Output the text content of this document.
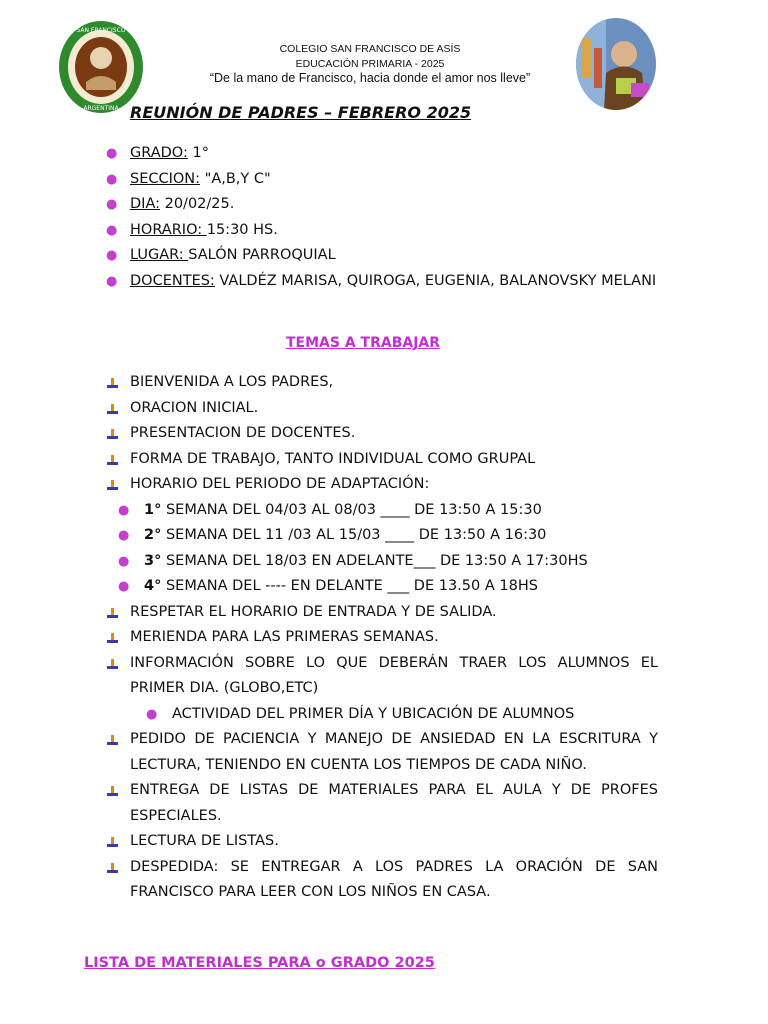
SAN FRANCISCO
ARGENTINA
COLEGIO SAN FRANCISCO DE ASÍS
EDUCACIÓN PRIMARIA - 2025
“De la mano de Francisco, hacia donde el amor nos lleve”
REUNIÓN DE PADRES – FEBRERO 2025
● GRADO: 1°
● SECCION: "A,B,Y C"
● DIA: 20/02/25.
● HORARIO: 15:30 HS.
● LUGAR: SALÓN PARROQUIAL
● DOCENTES: VALDÉZ MARISA, QUIROGA, EUGENIA, BALANOVSKY MELANI
TEMAS A TRABAJAR
BIENVENIDA A LOS PADRES,
ORACION INICIAL.
PRESENTACION DE DOCENTES.
FORMA DE TRABAJO, TANTO INDIVIDUAL COMO GRUPAL
HORARIO DEL PERIODO DE ADAPTACIÓN:
● 1° SEMANA DEL 04/03 AL 08/03 ____ DE 13:50 A 15:30
● 2° SEMANA DEL 11 /03 AL 15/03 ____ DE 13:50 A 16:30
● 3° SEMANA DEL 18/03 EN ADELANTE___ DE 13:50 A 17:30HS
● 4° SEMANA DEL ---- EN DELANTE ___ DE 13.50 A 18HS
RESPETAR EL HORARIO DE ENTRADA Y DE SALIDA.
MERIENDA PARA LAS PRIMERAS SEMANAS.
INFORMACIÓN SOBRE LO QUE DEBERÁN TRAER LOS ALUMNOS EL PRIMER DIA. (GLOBO,ETC)
● ACTIVIDAD DEL PRIMER DÍA Y UBICACIÓN DE ALUMNOS
PEDIDO DE PACIENCIA Y MANEJO DE ANSIEDAD EN LA ESCRITURA Y LECTURA, TENIENDO EN CUENTA LOS TIEMPOS DE CADA NIÑO.
ENTREGA DE LISTAS DE MATERIALES PARA EL AULA Y DE PROFES ESPECIALES.
LECTURA DE LISTAS.
DESPEDIDA: SE ENTREGAR A LOS PADRES LA ORACIÓN DE SAN FRANCISCO PARA LEER CON LOS NIÑOS EN CASA.
LISTA DE MATERIALES PARA o GRADO 2025
